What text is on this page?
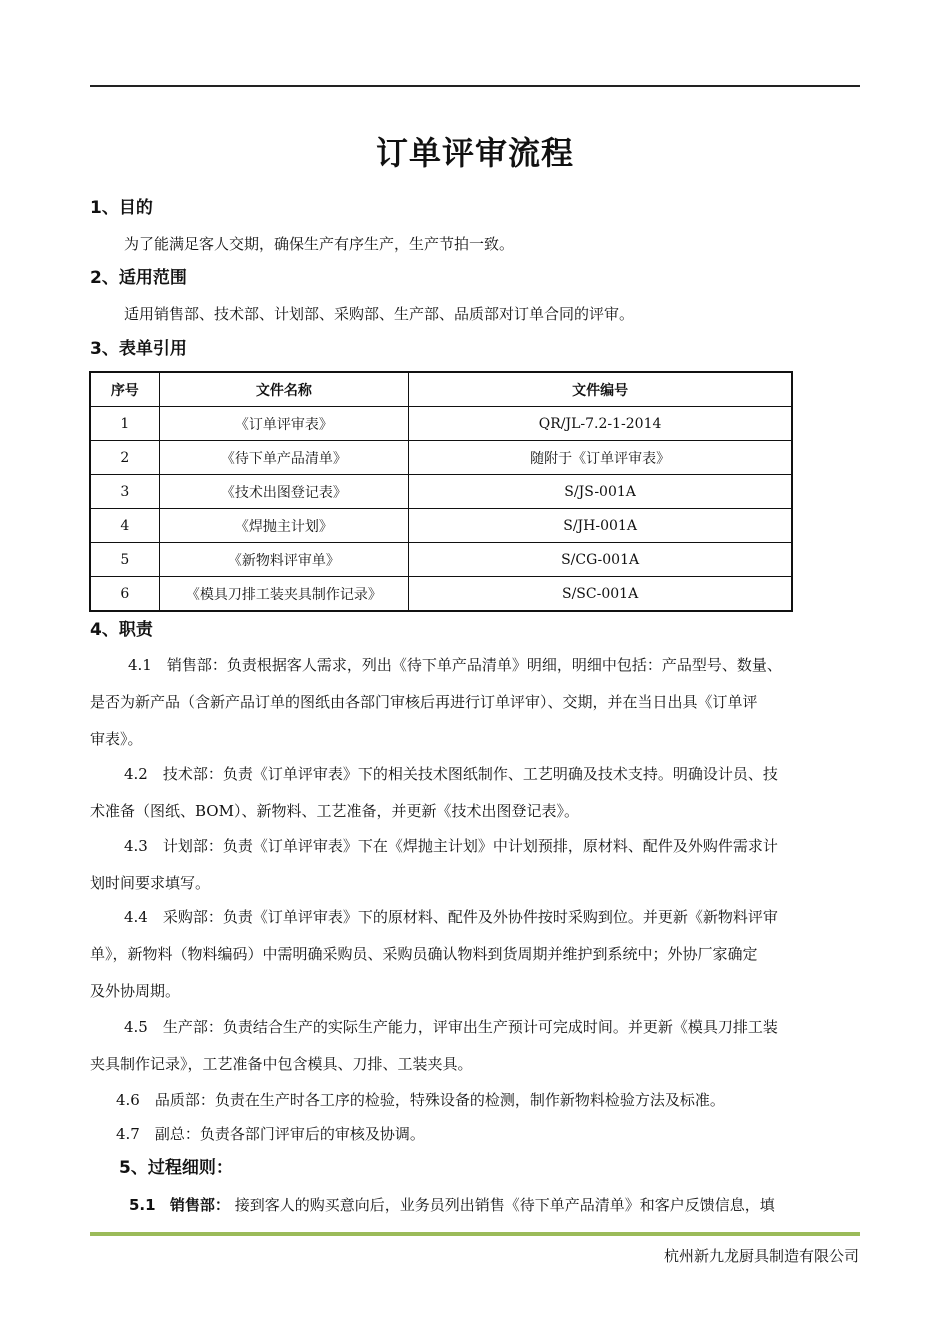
订单评审流程
1、目的
为了能满足客人交期，确保生产有序生产，生产节拍一致。
2、适用范围
适用销售部、技术部、计划部、采购部、生产部、品质部对订单合同的评审。
3、表单引用
序号	文件名称	文件编号
1	《订单评审表》	QR/JL-7.2-1-2014
2	《待下单产品清单》	随附于《订单评审表》
3	《技术出图登记表》	S/JS-001A
4	《焊抛主计划》	S/JH-001A
5	《新物料评审单》	S/CG-001A
6	《模具刀排工装夹具制作记录》	S/SC-001A
4、职责
4.1　销售部：负责根据客人需求，列出《待下单产品清单》明细，明细中包括：产品型号、数量、
是否为新产品（含新产品订单的图纸由各部门审核后再进行订单评审）、交期，并在当日出具《订单评
审表》。
4.2　技术部：负责《订单评审表》下的相关技术图纸制作、工艺明确及技术支持。明确设计员、技
术准备（图纸、BOM）、新物料、工艺准备，并更新《技术出图登记表》。
4.3　计划部：负责《订单评审表》下在《焊抛主计划》中计划预排，原材料、配件及外购件需求计
划时间要求填写。
4.4　采购部：负责《订单评审表》下的原材料、配件及外协件按时采购到位。并更新《新物料评审
单》，新物料（物料编码）中需明确采购员、采购员确认物料到货周期并维护到系统中；外协厂家确定
及外协周期。
4.5　生产部：负责结合生产的实际生产能力，评审出生产预计可完成时间。并更新《模具刀排工装
夹具制作记录》，工艺准备中包含模具、刀排、工装夹具。
4.6　品质部：负责在生产时各工序的检验，特殊设备的检测，制作新物料检验方法及标准。
4.7　副总：负责各部门评审后的审核及协调。
5、过程细则：
5.1 销售部： 接到客人的购买意向后，业务员列出销售《待下单产品清单》和客户反馈信息，填
杭州新九龙厨具制造有限公司
